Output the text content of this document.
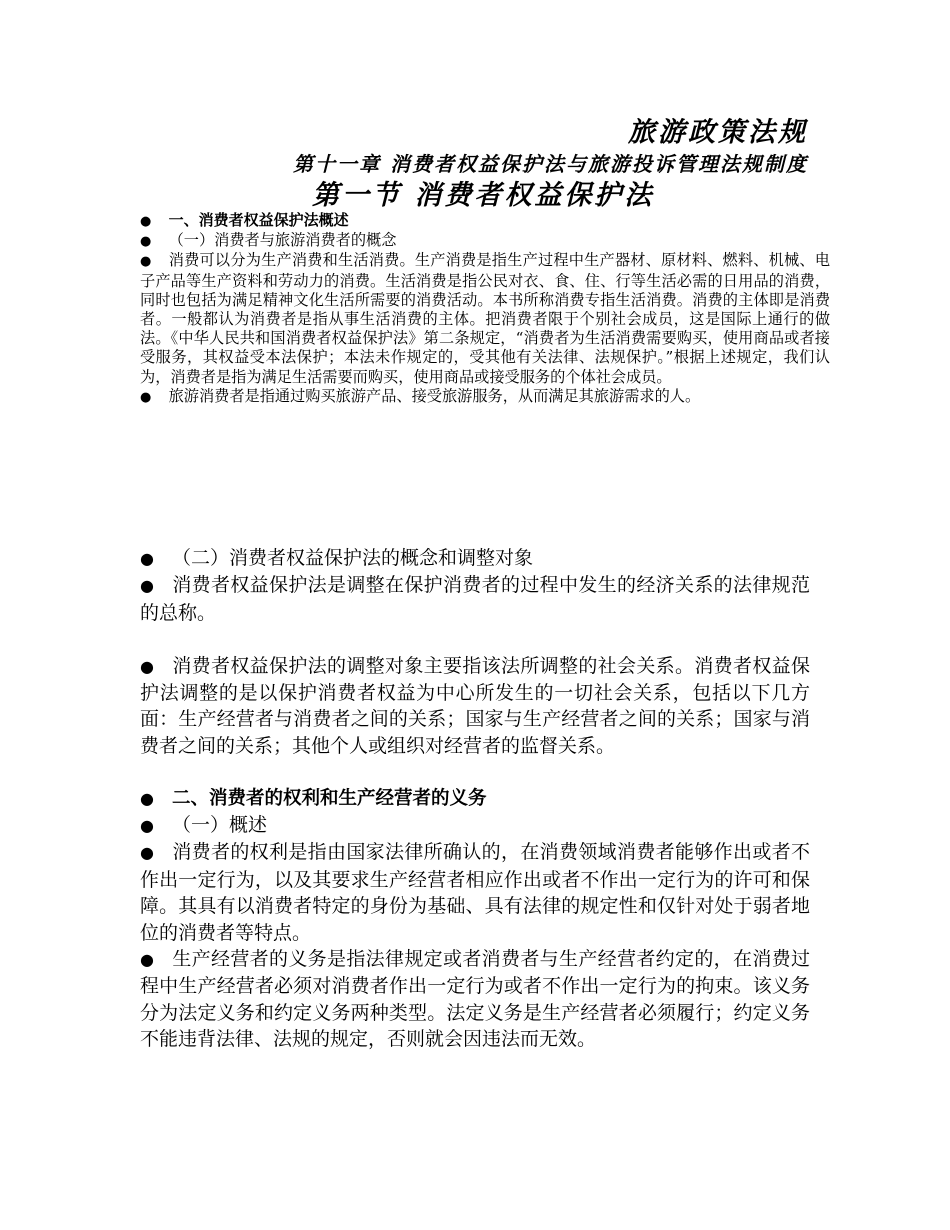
旅游政策法规
第十一章 消费者权益保护法与旅游投诉管理法规制度
第一节 消费者权益保护法

● 一、消费者权益保护法概述

● （一）消费者与旅游消费者的概念

● 消费可以分为生产消费和生活消费。生产消费是指生产过程中生产器材、原材料、燃料、机械、电子产品等生产资料和劳动力的消费。生活消费是指公民对衣、食、住、行等生活必需的日用品的消费，同时也包括为满足精神文化生活所需要的消费活动。本书所称消费专指生活消费。消费的主体即是消费者。一般都认为消费者是指从事生活消费的主体。把消费者限于个别社会成员，这是国际上通行的做法。《中华人民共和国消费者权益保护法》第二条规定，“消费者为生活消费需要购买，使用商品或者接受服务，其权益受本法保护；本法未作规定的，受其他有关法律、法规保护。”根据上述规定，我们认为，消费者是指为满足生活需要而购买，使用商品或接受服务的个体社会成员。

● 旅游消费者是指通过购买旅游产品、接受旅游服务，从而满足其旅游需求的人。

● （二）消费者权益保护法的概念和调整对象

● 消费者权益保护法是调整在保护消费者的过程中发生的经济关系的法律规范的总称。

● 消费者权益保护法的调整对象主要指该法所调整的社会关系。消费者权益保护法调整的是以保护消费者权益为中心所发生的一切社会关系，包括以下几方面：生产经营者与消费者之间的关系；国家与生产经营者之间的关系；国家与消费者之间的关系；其他个人或组织对经营者的监督关系。

● 二、消费者的权利和生产经营者的义务

● （一）概述

● 消费者的权利是指由国家法律所确认的，在消费领域消费者能够作出或者不作出一定行为，以及其要求生产经营者相应作出或者不作出一定行为的许可和保障。其具有以消费者特定的身份为基础、具有法律的规定性和仅针对处于弱者地位的消费者等特点。

● 生产经营者的义务是指法律规定或者消费者与生产经营者约定的，在消费过程中生产经营者必须对消费者作出一定行为或者不作出一定行为的拘束。该义务分为法定义务和约定义务两种类型。法定义务是生产经营者必须履行；约定义务不能违背法律、法规的规定，否则就会因违法而无效。
